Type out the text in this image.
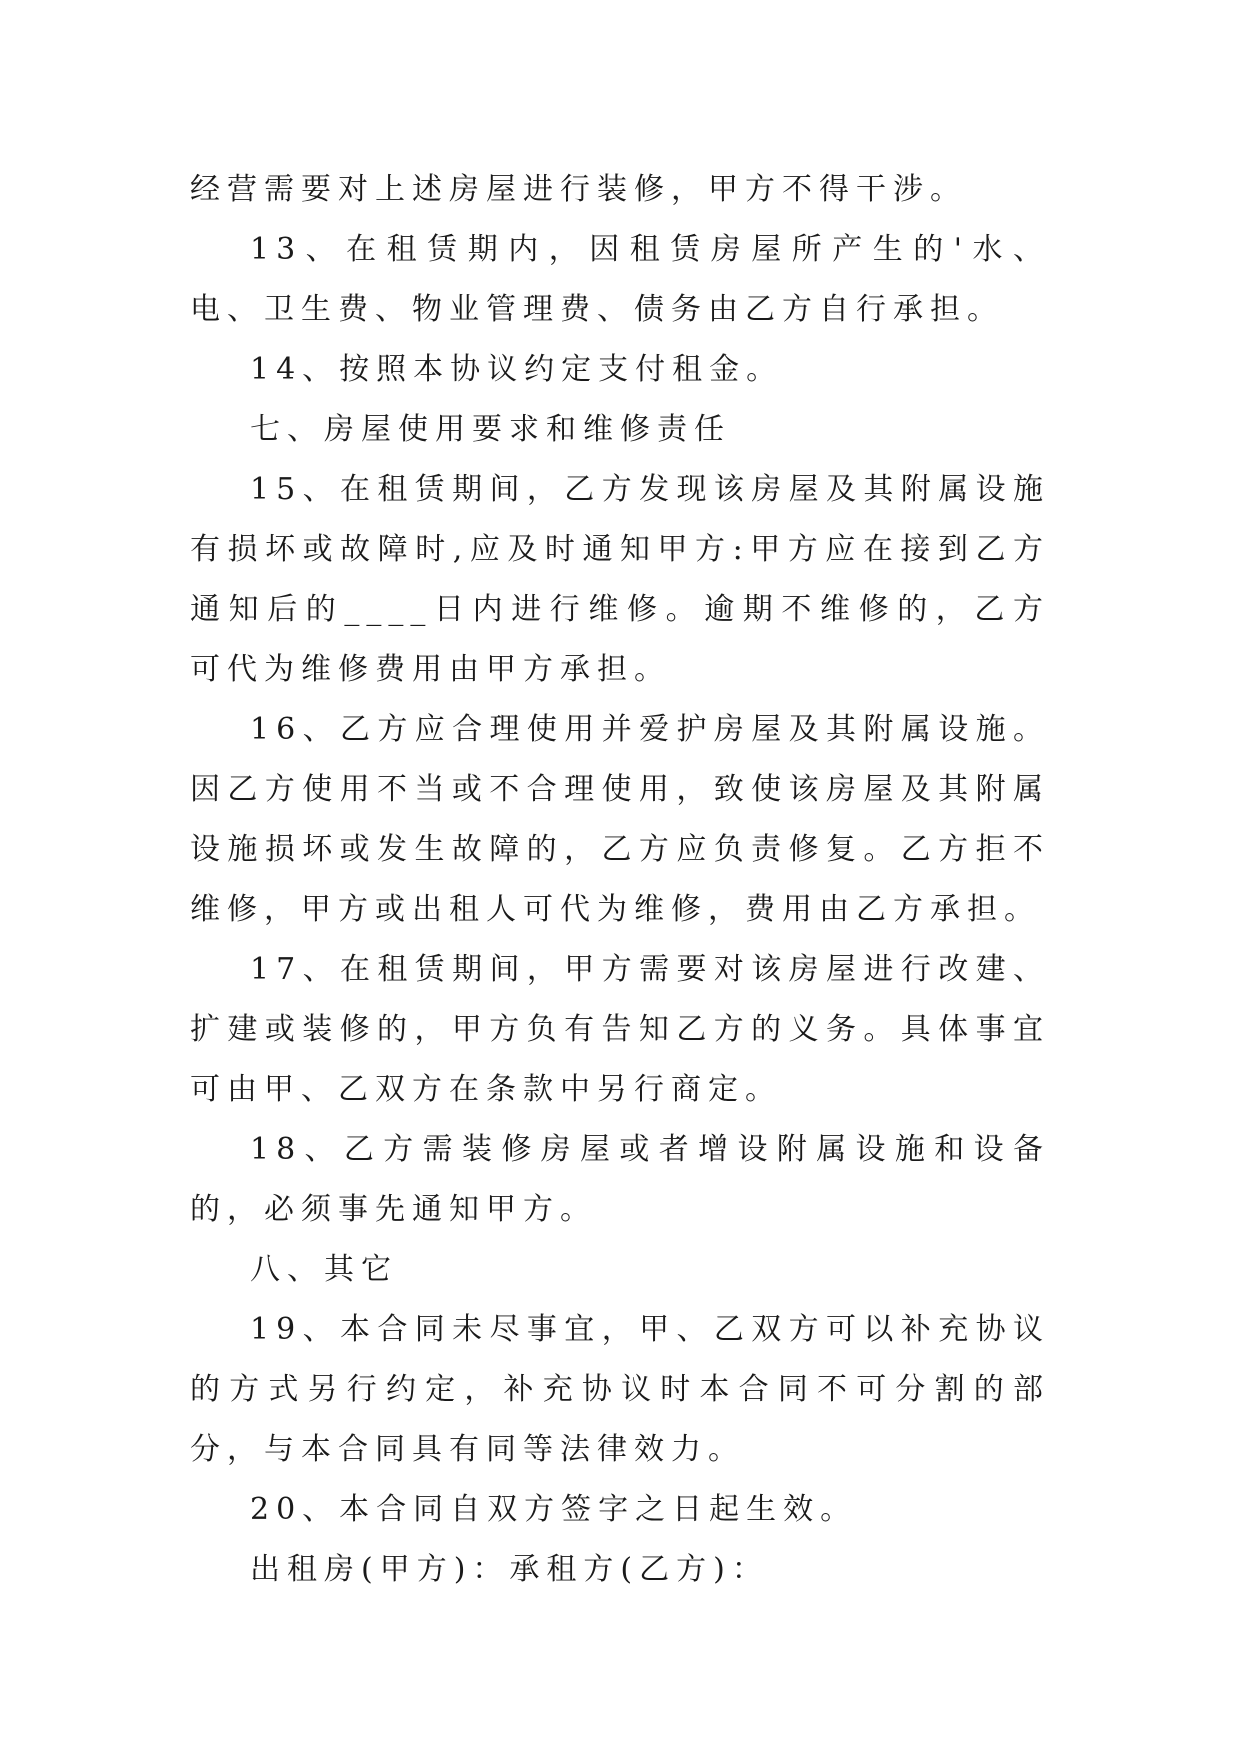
经营需要对上述房屋进行装修，甲方不得干涉。

13、在租赁期内，因租赁房屋所产生的'水、电、卫生费、物业管理费、债务由乙方自行承担。

14、按照本协议约定支付租金。

七、房屋使用要求和维修责任

15、在租赁期间，乙方发现该房屋及其附属设施有损坏或故障时,应及时通知甲方:甲方应在接到乙方通知后的____日内进行维修。逾期不维修的，乙方可代为维修费用由甲方承担。

16、乙方应合理使用并爱护房屋及其附属设施。因乙方使用不当或不合理使用，致使该房屋及其附属设施损坏或发生故障的，乙方应负责修复。乙方拒不维修，甲方或出租人可代为维修，费用由乙方承担。

17、在租赁期间，甲方需要对该房屋进行改建、扩建或装修的，甲方负有告知乙方的义务。具体事宜可由甲、乙双方在条款中另行商定。

18、乙方需装修房屋或者增设附属设施和设备的，必须事先通知甲方。

八、其它

19、本合同未尽事宜，甲、乙双方可以补充协议的方式另行约定，补充协议时本合同不可分割的部分，与本合同具有同等法律效力。

20、本合同自双方签字之日起生效。

出租房(甲方)：承租方(乙方)：
